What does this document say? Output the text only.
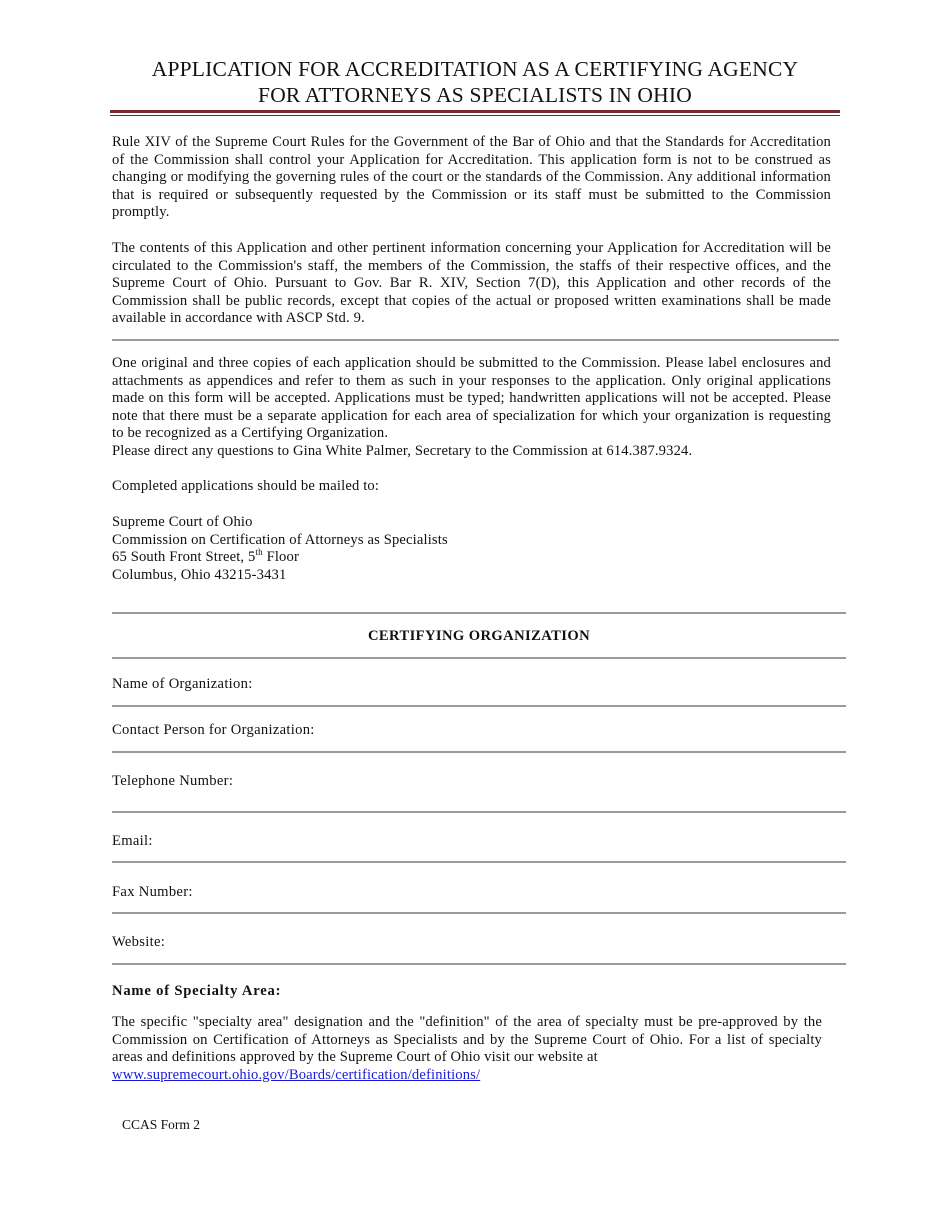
APPLICATION FOR ACCREDITATION AS A CERTIFYING AGENCY
FOR ATTORNEYS AS SPECIALISTS IN OHIO

Rule XIV of the Supreme Court Rules for the Government of the Bar of Ohio and that the Standards for Accreditation of the Commission shall control your Application for Accreditation. This application form is not to be construed as changing or modifying the governing rules of the court or the standards of the Commission. Any additional information that is required or subsequently requested by the Commission or its staff must be submitted to the Commission promptly.

The contents of this Application and other pertinent information concerning your Application for Accreditation will be circulated to the Commission's staff, the members of the Commission, the staffs of their respective offices, and the Supreme Court of Ohio. Pursuant to Gov. Bar R. XIV, Section 7(D), this Application and other records of the Commission shall be public records, except that copies of the actual or proposed written examinations shall be made available in accordance with ASCP Std. 9.

One original and three copies of each application should be submitted to the Commission. Please label enclosures and attachments as appendices and refer to them as such in your responses to the application. Only original applications made on this form will be accepted. Applications must be typed; handwritten applications will not be accepted. Please note that there must be a separate application for each area of specialization for which your organization is requesting to be recognized as a Certifying Organization.

Please direct any questions to Gina White Palmer, Secretary to the Commission at 614.387.9324.

Completed applications should be mailed to:

Supreme Court of Ohio
Commission on Certification of Attorneys as Specialists
65 South Front Street, 5th Floor
Columbus, Ohio 43215-3431
CERTIFYING ORGANIZATION
Name of Organization:
Contact Person for Organization:
Telephone Number:
Email:
Fax Number:
Website:
Name of Specialty Area:

The specific "specialty area" designation and the "definition" of the area of specialty must be pre-approved by the Commission on Certification of Attorneys as Specialists and by the Supreme Court of Ohio. For a list of specialty areas and definitions approved by the Supreme Court of Ohio visit our website at
www.supremecourt.ohio.gov/Boards/certification/definitions/

CCAS Form 2
